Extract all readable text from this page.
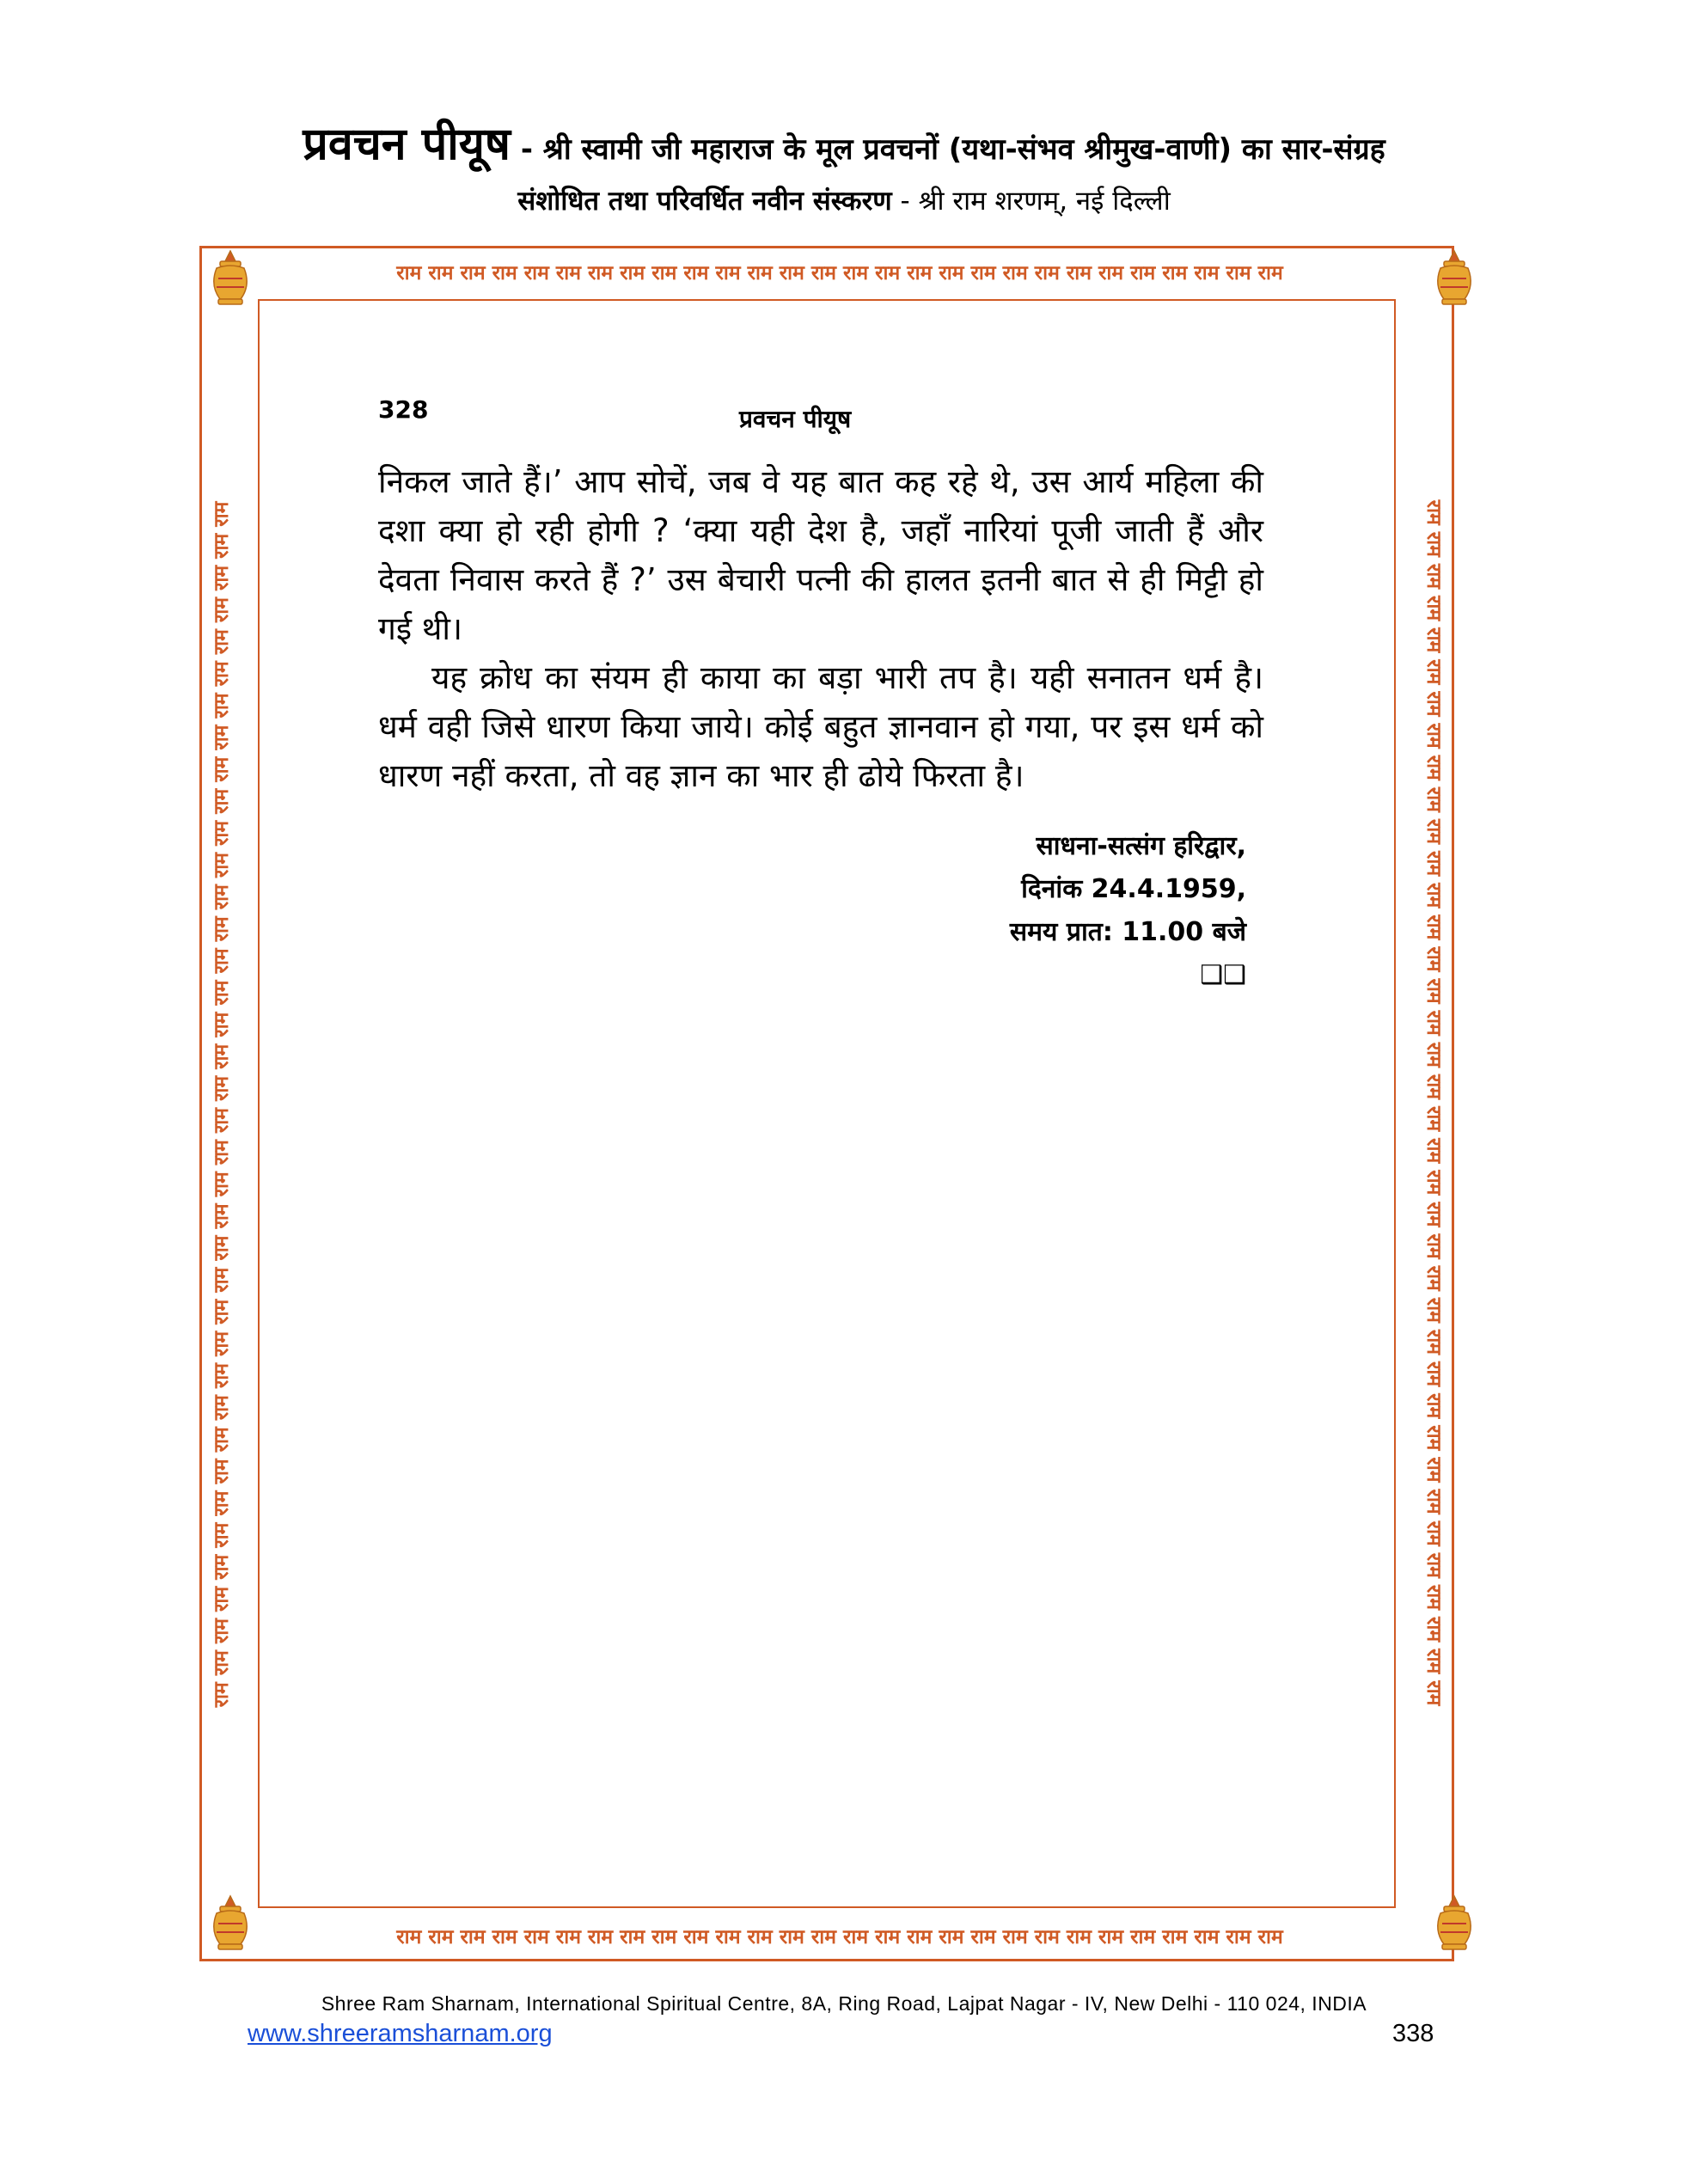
प्रवचन पीयूष - श्री स्वामी जी महाराज के मूल प्रवचनों (यथा-संभव श्रीमुख-वाणी) का सार-संग्रह
संशोधित तथा परिवर्धित नवीन संस्करण - श्री राम शरणम्, नई दिल्ली
राम राम राम राम राम राम राम राम राम राम राम राम राम राम राम राम राम राम राम राम राम राम राम राम राम राम राम राम
राम राम राम राम राम राम राम राम राम राम राम राम राम राम राम राम राम राम राम राम राम राम राम राम राम राम राम राम
राम राम राम राम राम राम राम राम राम राम राम राम राम राम राम राम राम राम राम राम राम राम राम राम राम राम राम राम राम राम राम राम राम राम राम राम राम राम	राम राम राम राम राम राम राम राम राम राम राम राम राम राम राम राम राम राम राम राम राम राम राम राम राम राम राम राम राम राम राम राम राम राम राम राम राम राम
328	प्रवचन पीयूष

निकल जाते हैं।’ आप सोचें, जब वे यह बात कह रहे थे, उस आर्य महिला की दशा क्या हो रही होगी ? ‘क्या यही देश है, जहाँ नारियां पूजी जाती हैं और देवता निवास करते हैं ?’ उस बेचारी पत्नी की हालत इतनी बात से ही मिट्टी हो गई थी।

यह क्रोध का संयम ही काया का बड़ा भारी तप है। यही सनातन धर्म है। धर्म वही जिसे धारण किया जाये। कोई बहुत ज्ञानवान हो गया, पर इस धर्म को धारण नहीं करता, तो वह ज्ञान का भार ही ढोये फिरता है।

साधना-सत्संग हरिद्वार,
दिनांक 24.4.1959,
समय प्रात: 11.00 बजे
❑❑
Shree Ram Sharnam, International Spiritual Centre, 8A, Ring Road, Lajpat Nagar - IV, New Delhi - 110 024, INDIA
www.shreeramsharnam.org	338
